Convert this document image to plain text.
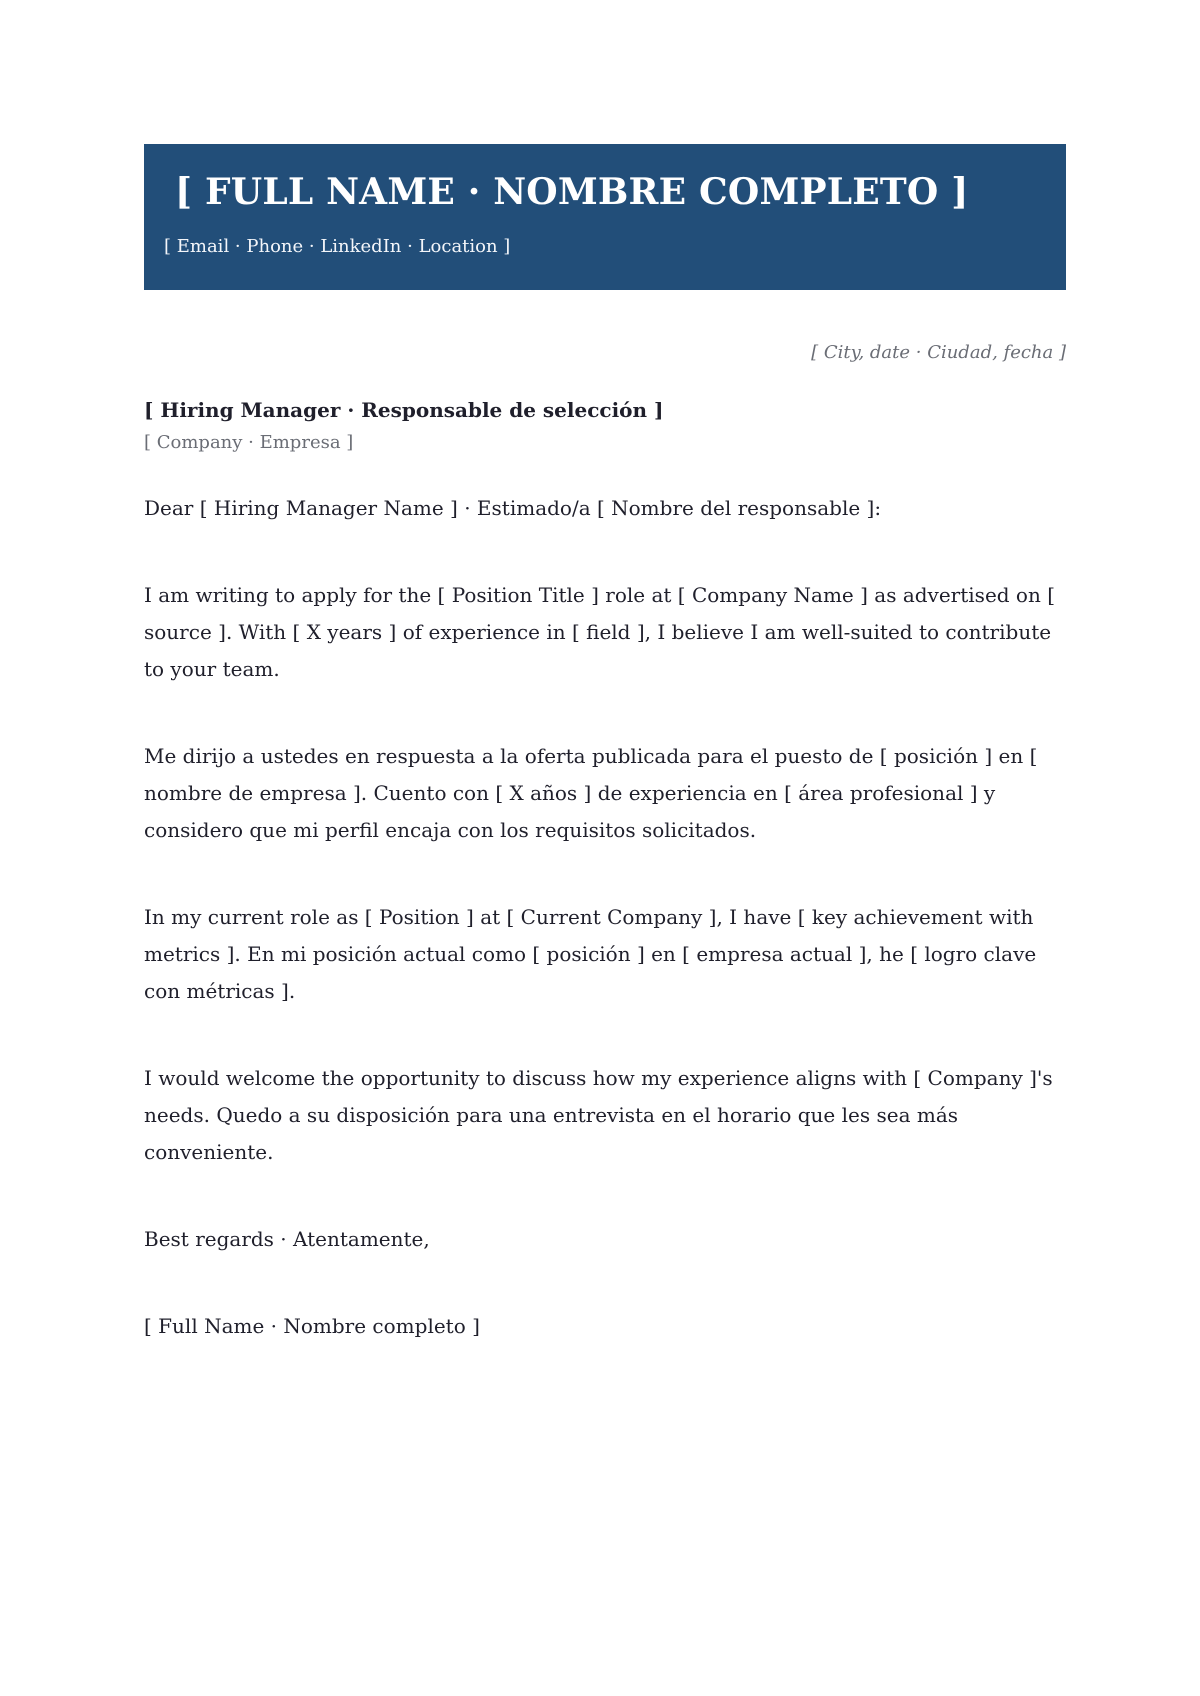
[ FULL NAME · NOMBRE COMPLETO ]
[ Email · Phone · LinkedIn · Location ]
[ City, date · Ciudad, fecha ]
[ Hiring Manager · Responsable de selección ]
[ Company · Empresa ]

Dear [ Hiring Manager Name ] · Estimado/a [ Nombre del responsable ]:

I am writing to apply for the [ Position Title ] role at [ Company Name ] as advertised on [ source ]. With [ X years ] of experience in [ field ], I believe I am well-suited to contribute to your team.

Me dirijo a ustedes en respuesta a la oferta publicada para el puesto de [ posición ] en [ nombre de empresa ]. Cuento con [ X años ] de experiencia en [ área profesional ] y considero que mi perfil encaja con los requisitos solicitados.

In my current role as [ Position ] at [ Current Company ], I have [ key achievement with metrics ]. En mi posición actual como [ posición ] en [ empresa actual ], he [ logro clave con métricas ].

I would welcome the opportunity to discuss how my experience aligns with [ Company ]'s needs. Quedo a su disposición para una entrevista en el horario que les sea más conveniente.

Best regards · Atentamente,

[ Full Name · Nombre completo ]
